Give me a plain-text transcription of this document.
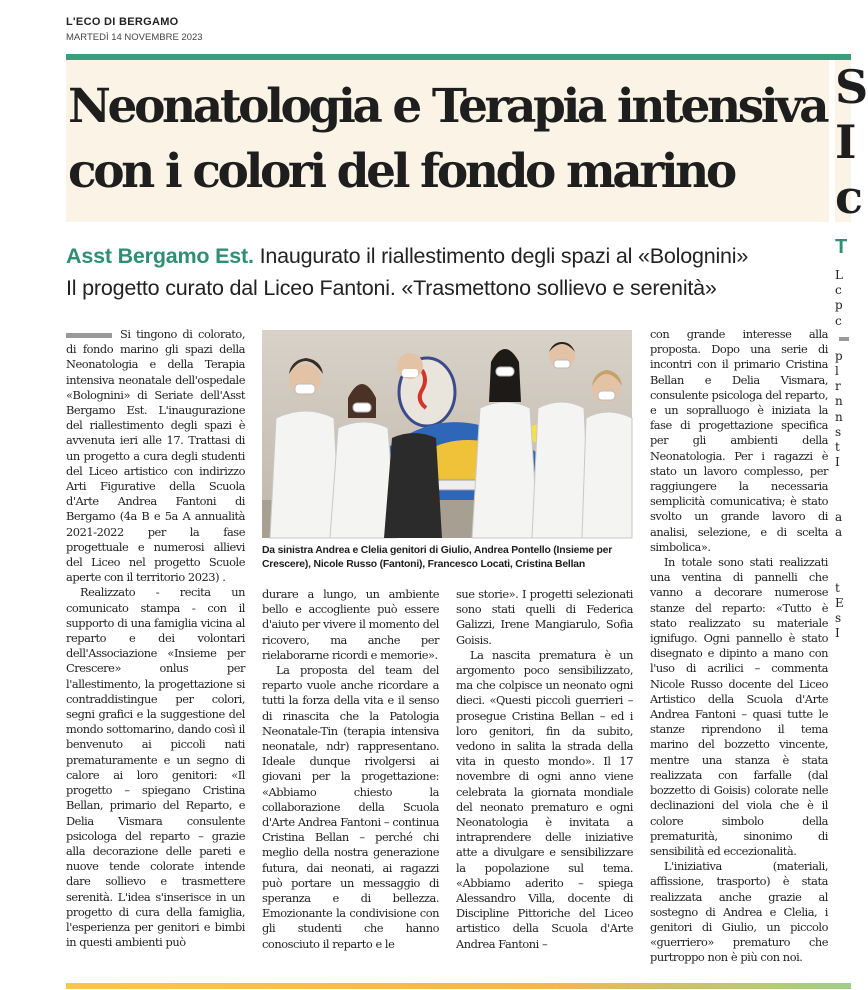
L'ECO DI BERGAMO
MARTEDÌ 14 NOVEMBRE 2023
Neonatologia e Terapia intensiva con i colori del fondo marino
S
I
c

Asst Bergamo Est. Inaugurato il riallestimento degli spazi al «Bolognini»
Il progetto curato dal Liceo Fantoni. «Trasmettono sollievo e serenità»

Si tingono di colorato, di fondo marino gli spazi della Neonatologia e della Terapia intensiva neonatale dell'ospedale «Bolognini» di Seriate dell'Asst Bergamo Est. L'inaugurazione del riallestimento degli spazi è avvenuta ieri alle 17. Trattasi di un progetto a cura degli studenti del Liceo artistico con indirizzo Arti Figurative della Scuola d'Arte Andrea Fantoni di Bergamo (4a B e 5a A annualità 2021-2022 per la fase progettuale e numerosi allievi del Liceo nel progetto Scuole aperte con il territorio 2023) .

Realizzato - recita un comunicato stampa - con il supporto di una famiglia vicina al reparto e dei volontari dell'Associazione «Insieme per Crescere» onlus per l'allestimento, la progettazione si contraddistingue per colori, segni grafici e la suggestione del mondo sottomarino, dando così il benvenuto ai piccoli nati prematuramente e un segno di calore ai loro genitori: «Il progetto – spiegano Cristina Bellan, primario del Reparto, e Delia Vismara consulente psicologa del reparto – grazie alla decorazione delle pareti e nuove tende colorate intende dare sollievo e trasmettere serenità. L'idea s'inserisce in un progetto di cura della famiglia, l'esperienza per genitori e bimbi in questi ambienti può

Da sinistra Andrea e Clelia genitori di Giulio, Andrea Pontello (Insieme per Crescere), Nicole Russo (Fantoni), Francesco Locati, Cristina Bellan

durare a lungo, un ambiente bello e accogliente può essere d'aiuto per vivere il momento del ricovero, ma anche per rielaborarne ricordi e memorie».

La proposta del team del reparto vuole anche ricordare a tutti la forza della vita e il senso di rinascita che la Patologia Neonatale-Tin (terapia intensiva neonatale, ndr) rappresentano. Ideale dunque rivolgersi ai giovani per la progettazione: «Abbiamo chiesto la collaborazione della Scuola d'Arte Andrea Fantoni – continua Cristina Bellan – perché chi meglio della nostra generazione futura, dai neonati, ai ragazzi può portare un messaggio di speranza e di bellezza. Emozionante la condivisione con gli studenti che hanno conosciuto il reparto e le

sue storie». I progetti selezionati sono stati quelli di Federica Galizzi, Irene Mangiarulo, Sofia Goisis.

La nascita prematura è un argomento poco sensibilizzato, ma che colpisce un neonato ogni dieci. «Questi piccoli guerrieri – prosegue Cristina Bellan – ed i loro genitori, fin da subito, vedono in salita la strada della vita in questo mondo». Il 17 novembre di ogni anno viene celebrata la giornata mondiale del neonato prematuro e ogni Neonatologia è invitata a intraprendere delle iniziative atte a divulgare e sensibilizzare la popolazione sul tema. «Abbiamo aderito – spiega Alessandro Villa, docente di Discipline Pittoriche del Liceo artistico della Scuola d'Arte Andrea Fantoni –

con grande interesse alla proposta. Dopo una serie di incontri con il primario Cristina Bellan e Delia Vismara, consulente psicologa del reparto, e un sopralluogo è iniziata la fase di progettazione specifica per gli ambienti della Neonatologia. Per i ragazzi è stato un lavoro complesso, per raggiungere la necessaria semplicità comunicativa; è stato svolto un grande lavoro di analisi, selezione, e di scelta simbolica».

In totale sono stati realizzati una ventina di pannelli che vanno a decorare numerose stanze del reparto: «Tutto è stato realizzato su materiale ignifugo. Ogni pannello è stato disegnato e dipinto a mano con l'uso di acrilici – commenta Nicole Russo docente del Liceo Artistico della Scuola d'Arte Andrea Fantoni – quasi tutte le stanze riprendono il tema marino del bozzetto vincente, mentre una stanza è stata realizzata con farfalle (dal bozzetto di Goisis) colorate nelle declinazioni del viola che è il colore simbolo della prematurità, sinonimo di sensibilità ed eccezionalità.

L'iniziativa (materiali, affissione, trasporto) è stata realizzata anche grazie al sostegno di Andrea e Clelia, i genitori di Giulio, un piccolo «guerriero» prematuro che purtroppo non è più con noi.

T
L
c
p
c
p
l
r
n
n
s
t
I
a
a
t
E
s
I
